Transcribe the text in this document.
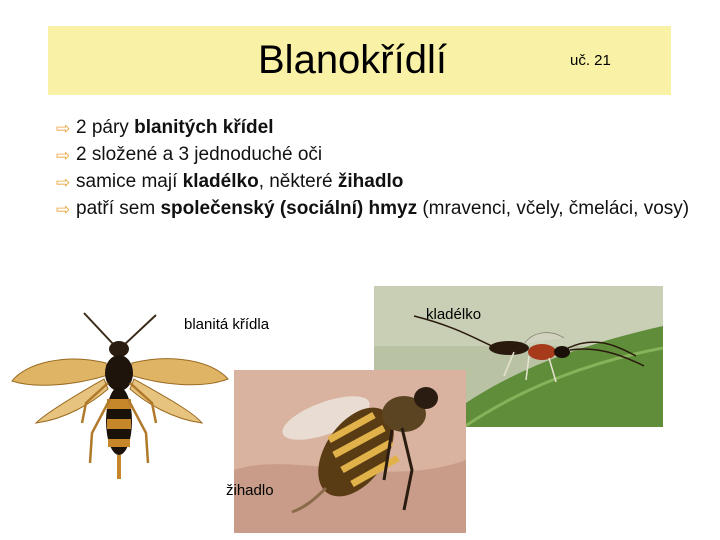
Blanokřídlí	uč. 21
⇨ 2 páry blanitých křídel
⇨ 2 složené a 3 jednoduché oči
⇨ samice mají kladélko, některé žihadlo
⇨ patří sem společenský (sociální) hmyz (mravenci, včely, čmeláci, vosy)
blanitá křídla
kladélko
žihadlo
